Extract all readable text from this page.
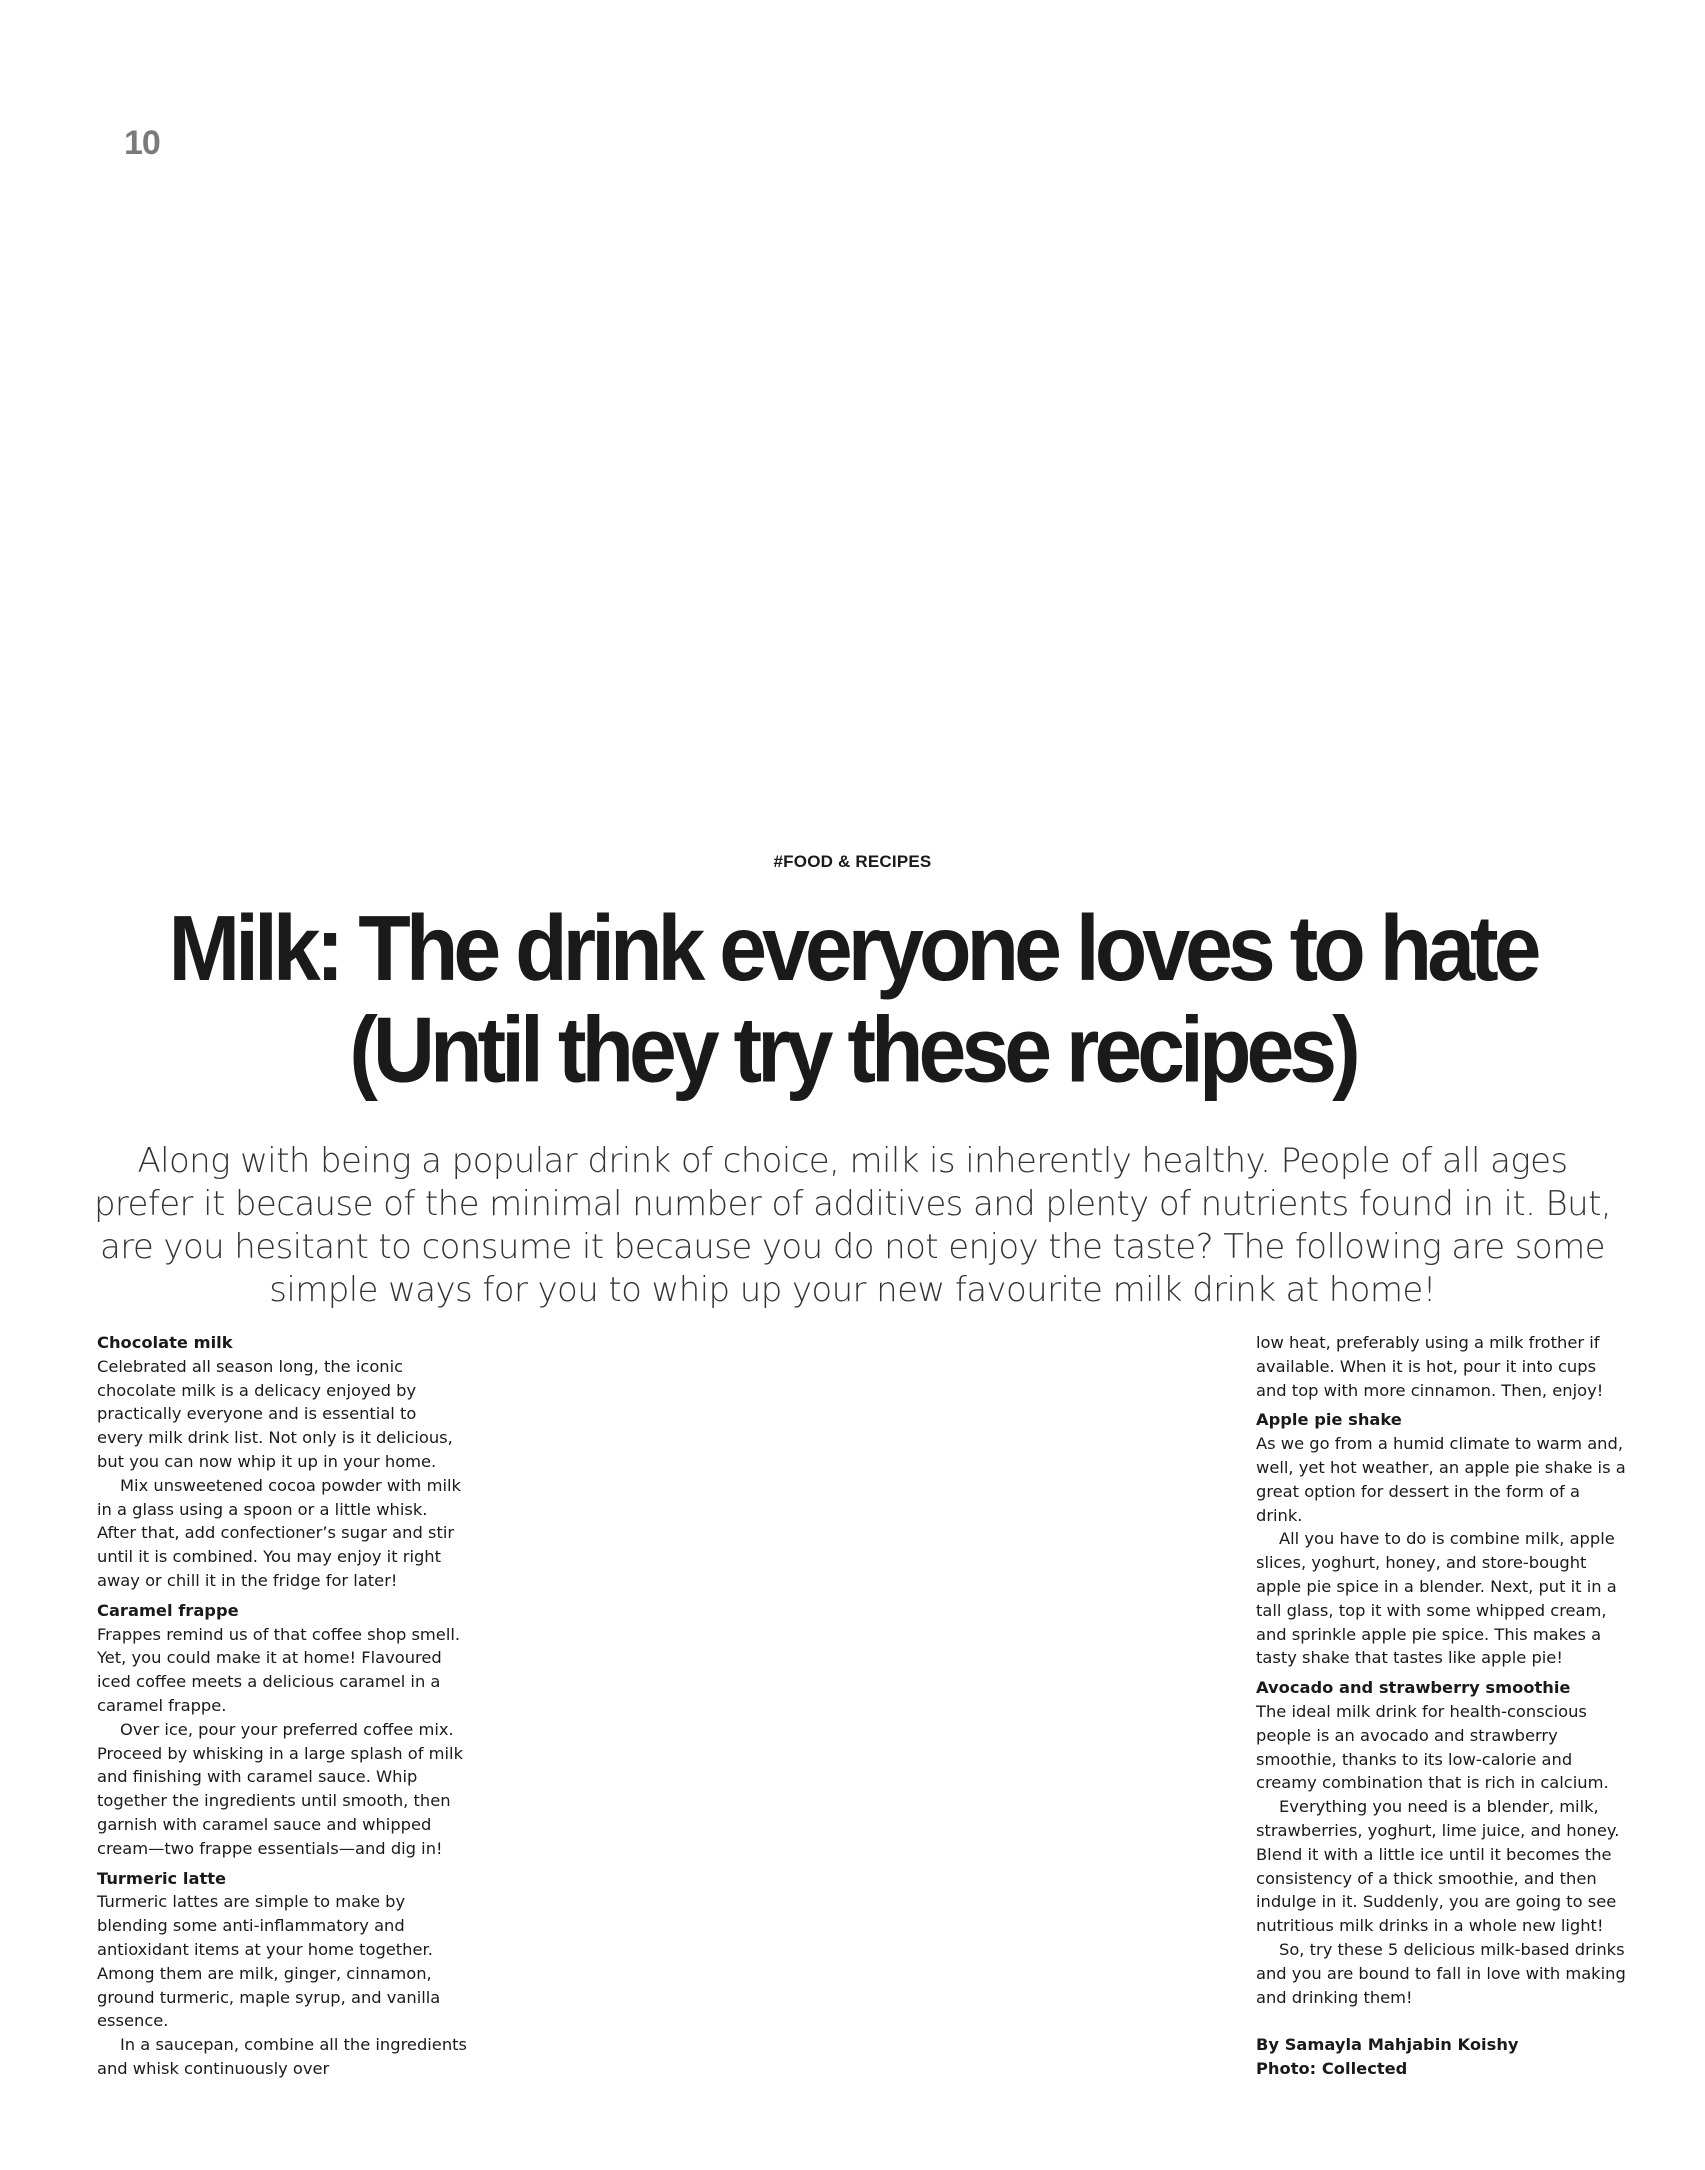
10
#FOOD & RECIPES
Milk: The drink everyone loves to hate
(Until they try these recipes)
Along with being a popular drink of choice, milk is inherently healthy. People of all ages prefer it because of the minimal number of additives and plenty of nutrients found in it. But, are you hesitant to consume it because you do not enjoy the taste? The following are some simple ways for you to whip up your new favourite milk drink at home!
Chocolate milk

Celebrated all season long, the iconic chocolate milk is a delicacy enjoyed by practically everyone and is essential to every milk drink list. Not only is it delicious, but you can now whip it up in your home.

Mix unsweetened cocoa powder with milk in a glass using a spoon or a little whisk. After that, add confectioner’s sugar and stir until it is combined. You may enjoy it right away or chill it in the fridge for later!

Caramel frappe

Frappes remind us of that coffee shop smell. Yet, you could make it at home! Flavoured iced coffee meets a delicious caramel in a caramel frappe.

Over ice, pour your preferred coffee mix. Proceed by whisking in a large splash of milk and finishing with caramel sauce. Whip together the ingredients until smooth, then garnish with caramel sauce and whipped cream—two frappe essentials—and dig in!

Turmeric latte

Turmeric lattes are simple to make by blending some anti-inflammatory and antioxidant items at your home together. Among them are milk, ginger, cinnamon, ground turmeric, maple syrup, and vanilla essence.

In a saucepan, combine all the ingredients and whisk continuously over

low heat, preferably using a milk frother if available. When it is hot, pour it into cups and top with more cinnamon. Then, enjoy!

Apple pie shake

As we go from a humid climate to warm and, well, yet hot weather, an apple pie shake is a great option for dessert in the form of a drink.

All you have to do is combine milk, apple slices, yoghurt, honey, and store-bought apple pie spice in a blender. Next, put it in a tall glass, top it with some whipped cream, and sprinkle apple pie spice. This makes a tasty shake that tastes like apple pie!

Avocado and strawberry smoothie

The ideal milk drink for health-conscious people is an avocado and strawberry smoothie, thanks to its low-calorie and creamy combination that is rich in calcium.

Everything you need is a blender, milk, strawberries, yoghurt, lime juice, and honey. Blend it with a little ice until it becomes the consistency of a thick smoothie, and then indulge in it. Suddenly, you are going to see nutritious milk drinks in a whole new light!

So, try these 5 delicious milk-based drinks and you are bound to fall in love with making and drinking them!

By Samayla Mahjabin Koishy

Photo: Collected
